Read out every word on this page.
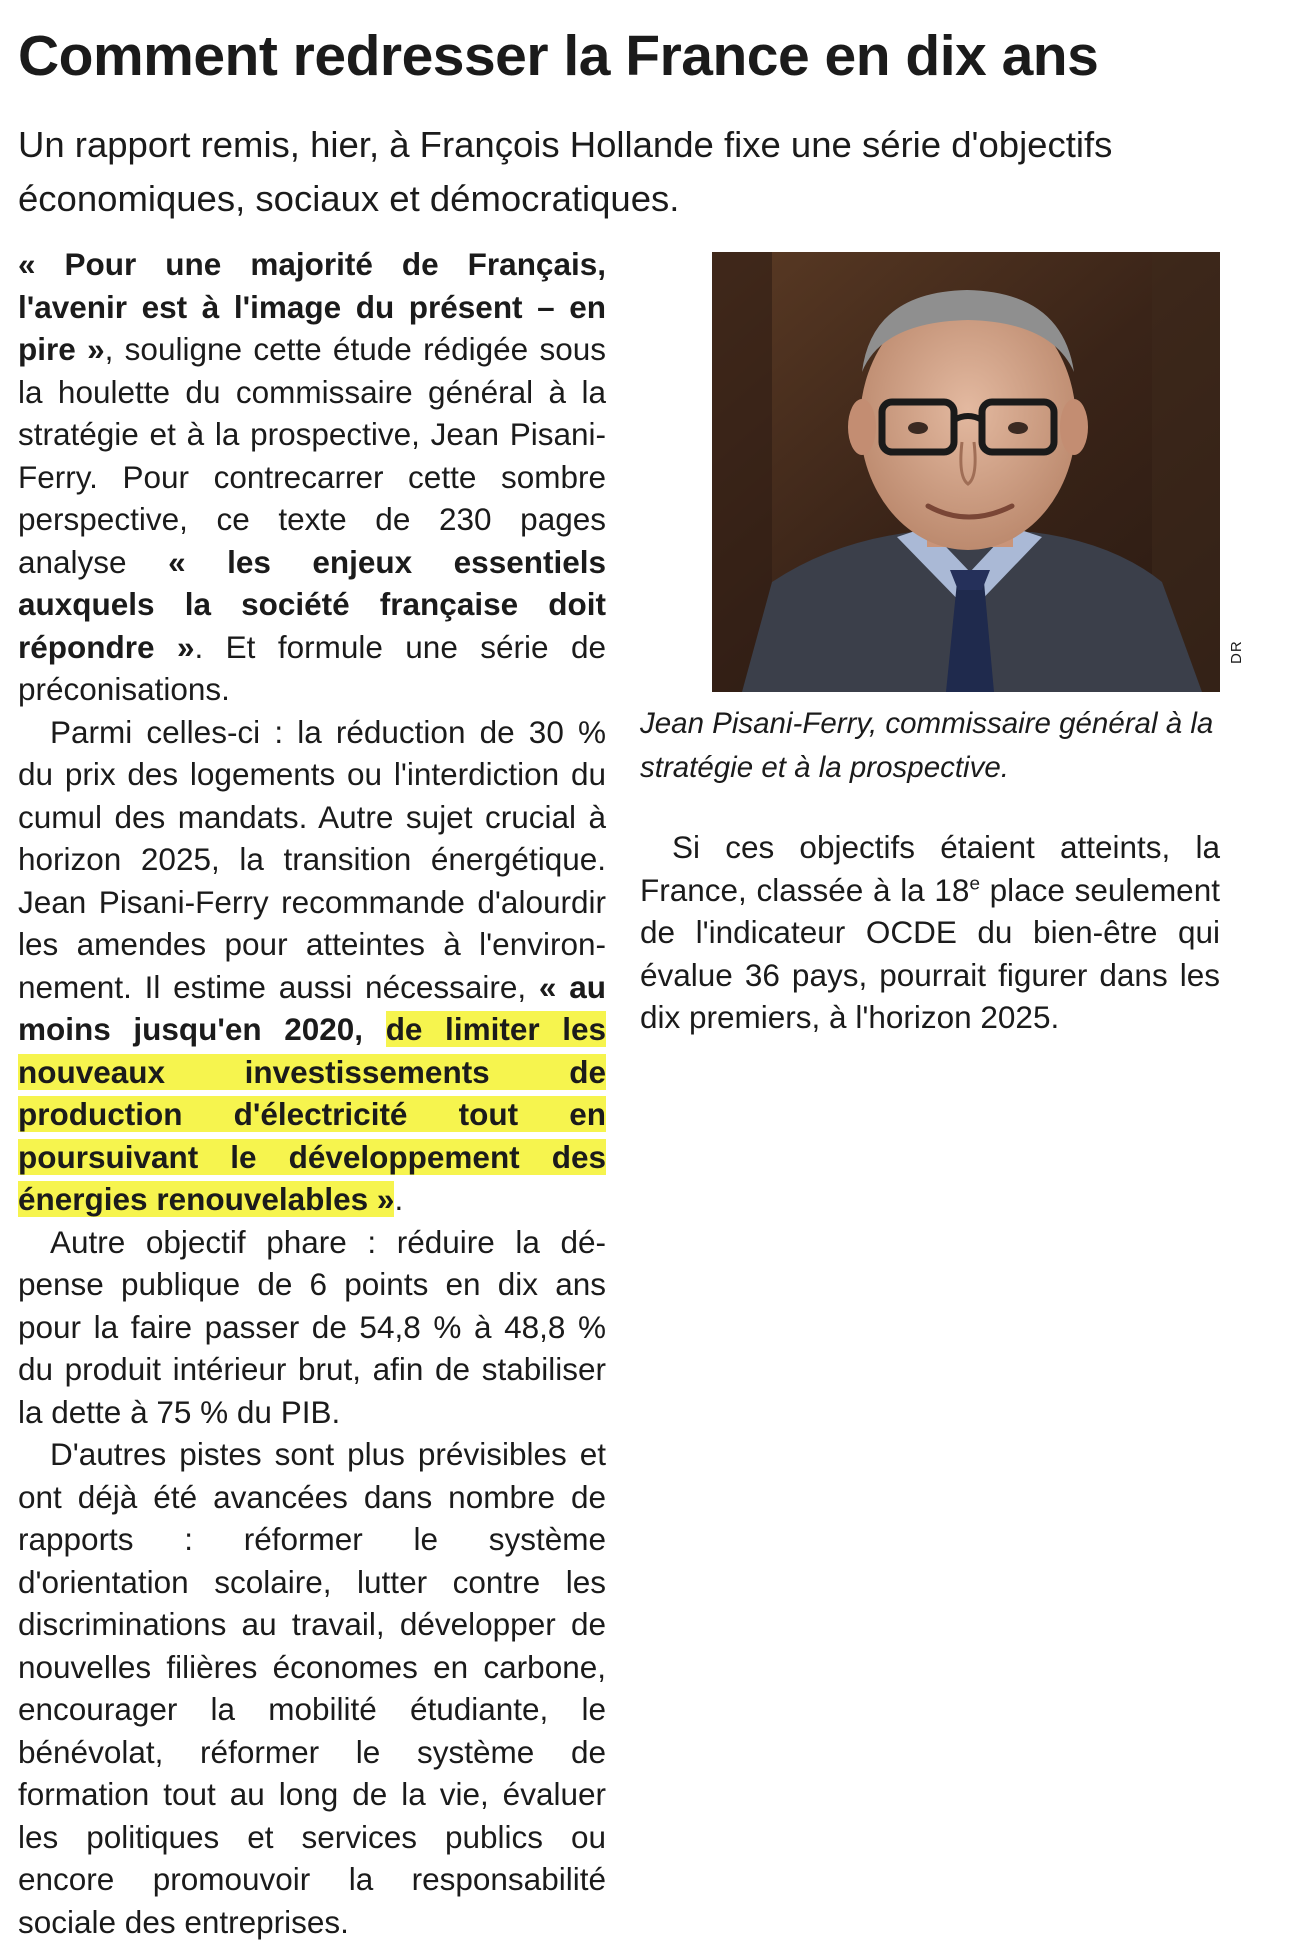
Comment redresser la France en dix ans
Un rapport remis, hier, à François Hollande fixe une série d'objectifs économiques, sociaux et démocratiques.

« Pour une majorité de Français, l'avenir est à l'image du présent – en pire », souligne cette étude rédigée sous la houlette du commissaire général à la stratégie et à la prospective, Jean Pisani-Ferry. Pour contrecarrer cette sombre perspective, ce texte de 230 pages analyse « les enjeux essentiels auxquels la société française doit répondre ». Et formule une série de préconisations.

Parmi celles-ci : la réduction de 30 % du prix des logements ou l'interdiction du cumul des mandats. Autre sujet crucial à horizon 2025, la transition énergétique. Jean Pisani-Ferry recommande d'alourdir les amendes pour atteintes à l'environnement. Il estime aussi nécessaire, « au moins jusqu'en 2020, de limiter les nouveaux investissements de production d'électricité tout en poursuivant le développement des énergies renouvelables ».

Autre objectif phare : réduire la dépense publique de 6 points en dix ans pour la faire passer de 54,8 % à 48,8 % du produit intérieur brut, afin de stabiliser la dette à 75 % du PIB.

D'autres pistes sont plus prévisibles et ont déjà été avancées dans nombre de rapports : réformer le système d'orientation scolaire, lutter contre les discriminations au travail, développer de nouvelles filières économes en carbone, encourager la mobilité étudiante, le bénévolat, réformer le système de formation tout au long de la vie, évaluer les politiques et services publics ou encore promouvoir la responsabilité sociale des entreprises.

DR

Jean Pisani-Ferry, commissaire général à la stratégie et à la prospective.

Si ces objectifs étaient atteints, la France, classée à la 18e place seulement de l'indicateur OCDE du bien-être qui évalue 36 pays, pourrait figurer dans les dix premiers, à l'horizon 2025.
